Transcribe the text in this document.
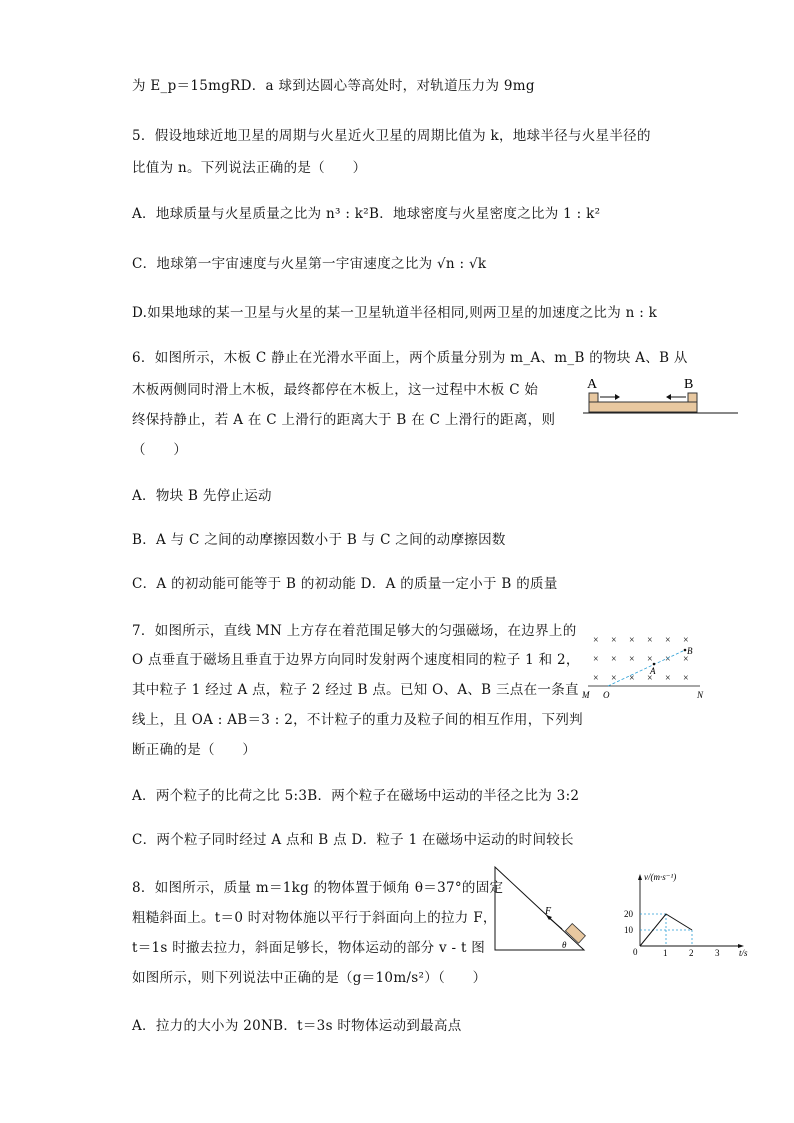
为 E_p＝15mgRD．a 球到达圆心等高处时，对轨道压力为 9mg
5．假设地球近地卫星的周期与火星近火卫星的周期比值为 k，地球半径与火星半径的
比值为 n。下列说法正确的是（　　）
A．地球质量与火星质量之比为 n³ : k²B．地球密度与火星密度之比为 1 : k²
C．地球第一宇宙速度与火星第一宇宙速度之比为 √n : √k
D.如果地球的某一卫星与火星的某一卫星轨道半径相同,则两卫星的加速度之比为 n : k
6．如图所示，木板 C 静止在光滑水平面上，两个质量分别为 m_A、m_B 的物块 A、B 从
木板两侧同时滑上木板，最终都停在木板上，这一过程中木板 C 始
终保持静止，若 A 在 C 上滑行的距离大于 B 在 C 上滑行的距离，则
（　　）
A．物块 B 先停止运动
B．A 与 C 之间的动摩擦因数小于 B 与 C 之间的动摩擦因数
C．A 的初动能可能等于 B 的初动能 D．A 的质量一定小于 B 的质量
7．如图所示，直线 MN 上方存在着范围足够大的匀强磁场，在边界上的
O 点垂直于磁场且垂直于边界方向同时发射两个速度相同的粒子 1 和 2，
其中粒子 1 经过 A 点，粒子 2 经过 B 点。已知 O、A、B 三点在一条直
线上，且 OA : AB＝3 : 2，不计粒子的重力及粒子间的相互作用，下列判
断正确的是（　　）
A．两个粒子的比荷之比 5:3B．两个粒子在磁场中运动的半径之比为 3:2
C．两个粒子同时经过 A 点和 B 点 D．粒子 1 在磁场中运动的时间较长
8．如图所示，质量 m＝1kg 的物体置于倾角 θ＝37°的固定
粗糙斜面上。t＝0 时对物体施以平行于斜面向上的拉力 F，
t＝1s 时撤去拉力，斜面足够长，物体运动的部分 v - t 图
如图所示，则下列说法中正确的是（g＝10m/s²）（　　）
A．拉力的大小为 20NB．t＝3s 时物体运动到最高点
A	B
× × × × × ×
× × × × × ×
× × × × × ×
B
A
M O	N
F
θ
v/(m·s⁻¹)
t/s
0	1 2 3
10
20
